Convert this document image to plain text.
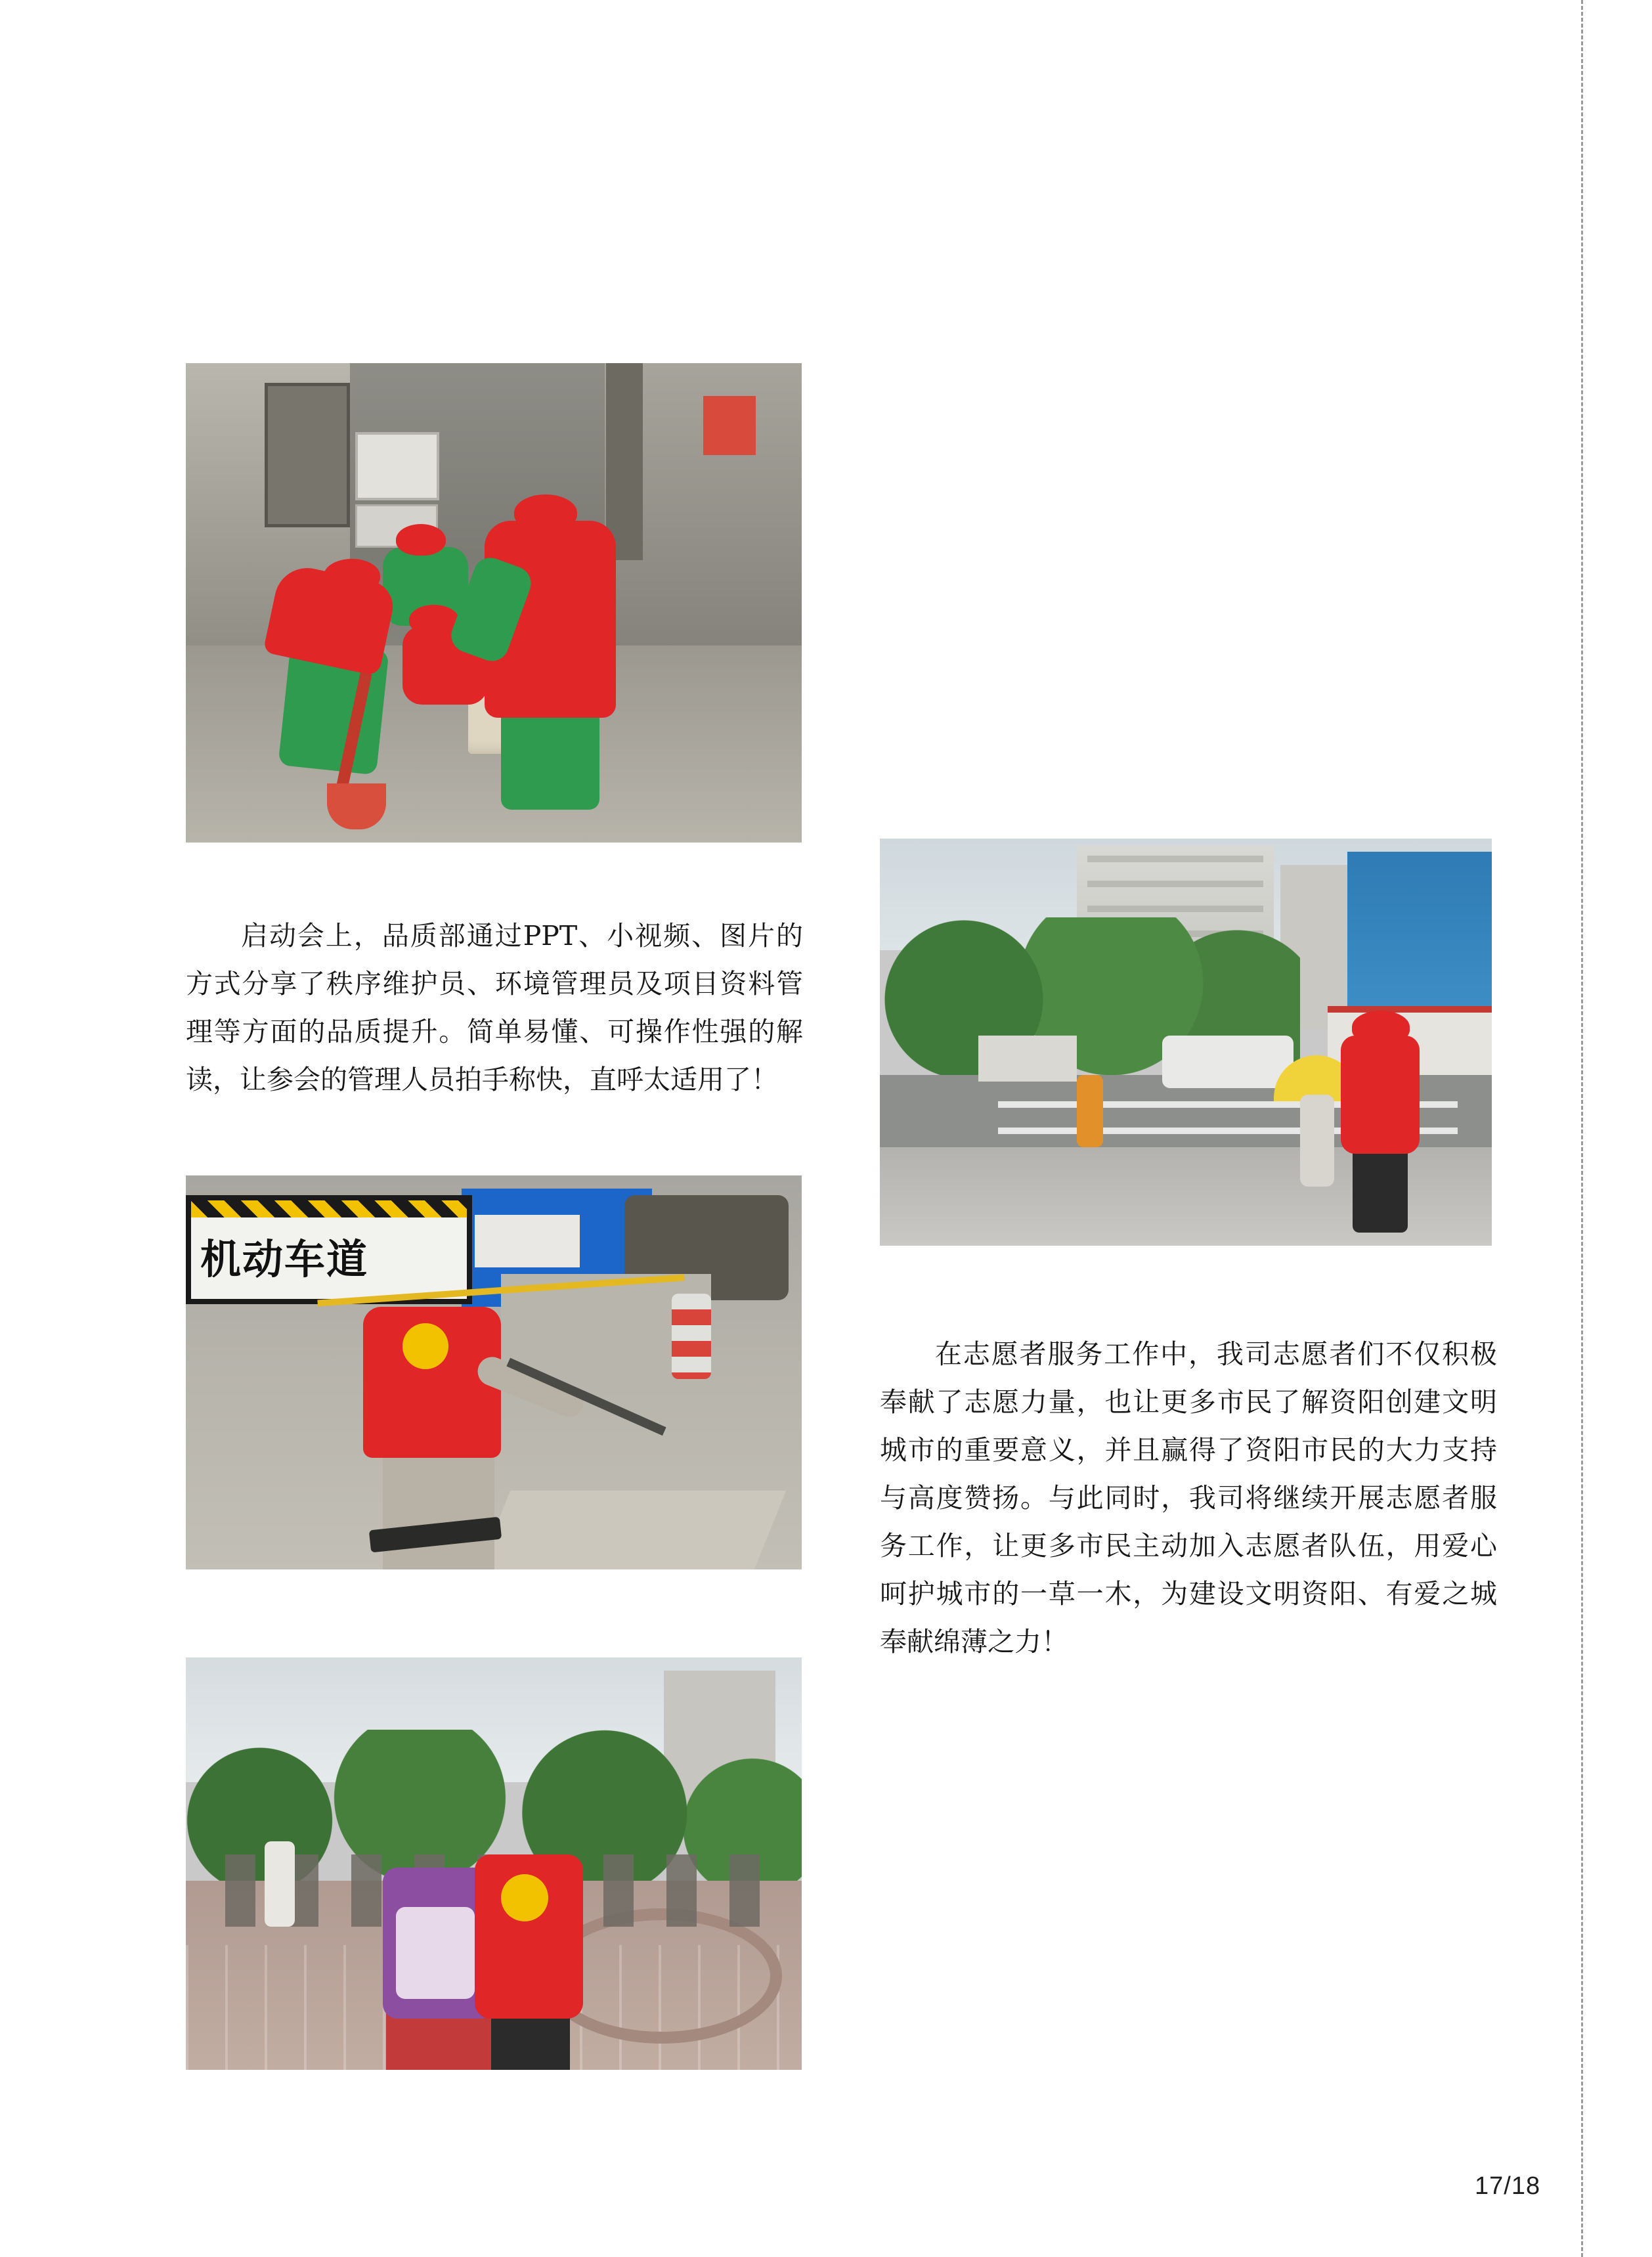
启动会上，品质部通过PPT、小视频、图片的方式分享了秩序维护员、环境管理员及项目资料管理等方面的品质提升。简单易懂、可操作性强的解读，让参会的管理人员拍手称快，直呼太适用了！

在志愿者服务工作中，我司志愿者们不仅积极奉献了志愿力量，也让更多市民了解资阳创建文明城市的重要意义，并且赢得了资阳市民的大力支持与高度赞扬。与此同时，我司将继续开展志愿者服务工作，让更多市民主动加入志愿者队伍，用爱心呵护城市的一草一木，为建设文明资阳、有爱之城奉献绵薄之力！

机动车道
17/18
